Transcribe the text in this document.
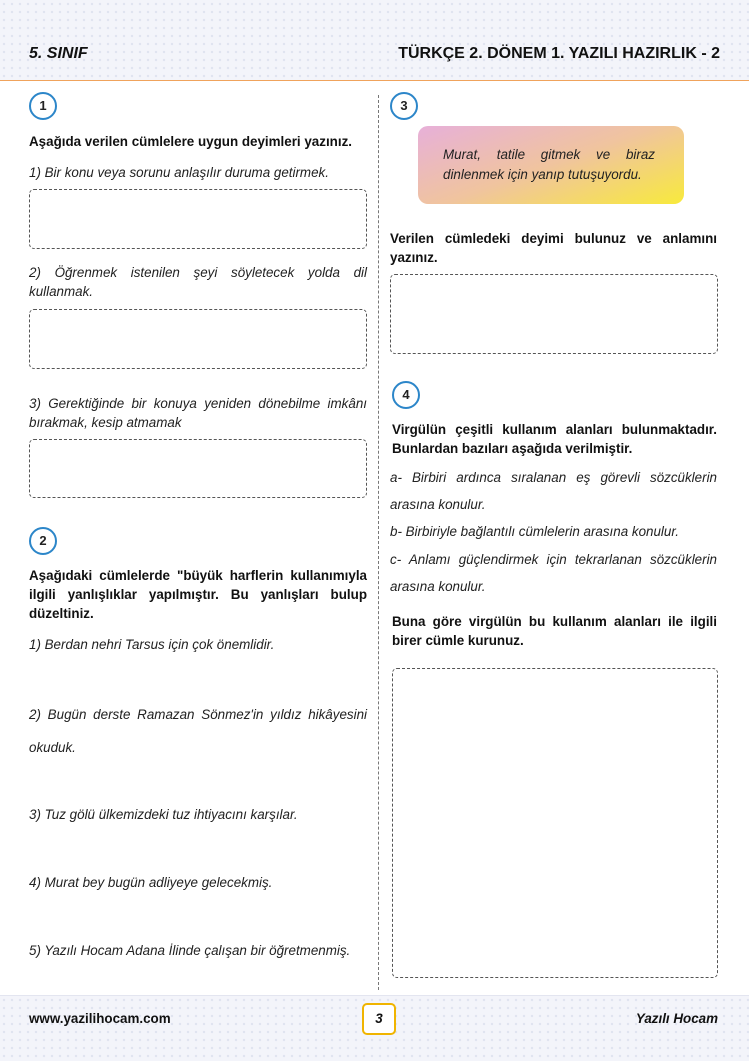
5. SINIF	TÜRKÇE 2. DÖNEM 1. YAZILI HAZIRLIK - 2
1
Aşağıda verilen cümlelere uygun deyimleri yazınız.
1) Bir konu veya sorunu anlaşılır duruma getirmek.
2) Öğrenmek istenilen şeyi söyletecek yolda dil kullanmak.
3) Gerektiğinde bir konuya yeniden dönebilme imkânı bırakmak, kesip atmamak
2
Aşağıdaki cümlelerde "büyük harflerin kullanımıyla ilgili yanlışlıklar yapılmıştır. Bu yanlışları bulup düzeltiniz.
1) Berdan nehri Tarsus için çok önemlidir.
2) Bugün derste Ramazan Sönmez'in yıldız hikâyesini
okuduk.
3) Tuz gölü ülkemizdeki tuz ihtiyacını karşılar.
4) Murat bey bugün adliyeye gelecekmiş.
5) Yazılı Hocam Adana İlinde çalışan bir öğretmenmiş.
3
Murat, tatile gitmek ve biraz dinlenmek için yanıp tutuşuyordu.
Verilen cümledeki deyimi bulunuz ve anlamını yazınız.
4
Virgülün çeşitli kullanım alanları bulunmaktadır. Bunlardan bazıları aşağıda verilmiştir.
a- Birbiri ardınca sıralanan eş görevli sözcüklerin
arasına konulur.
b- Birbiriyle bağlantılı cümlelerin arasına konulur.
c- Anlamı güçlendirmek için tekrarlanan sözcüklerin
arasına konulur.
Buna göre virgülün bu kullanım alanları ile ilgili birer cümle kurunuz.
www.yazilihocam.com	3	Yazılı Hocam
